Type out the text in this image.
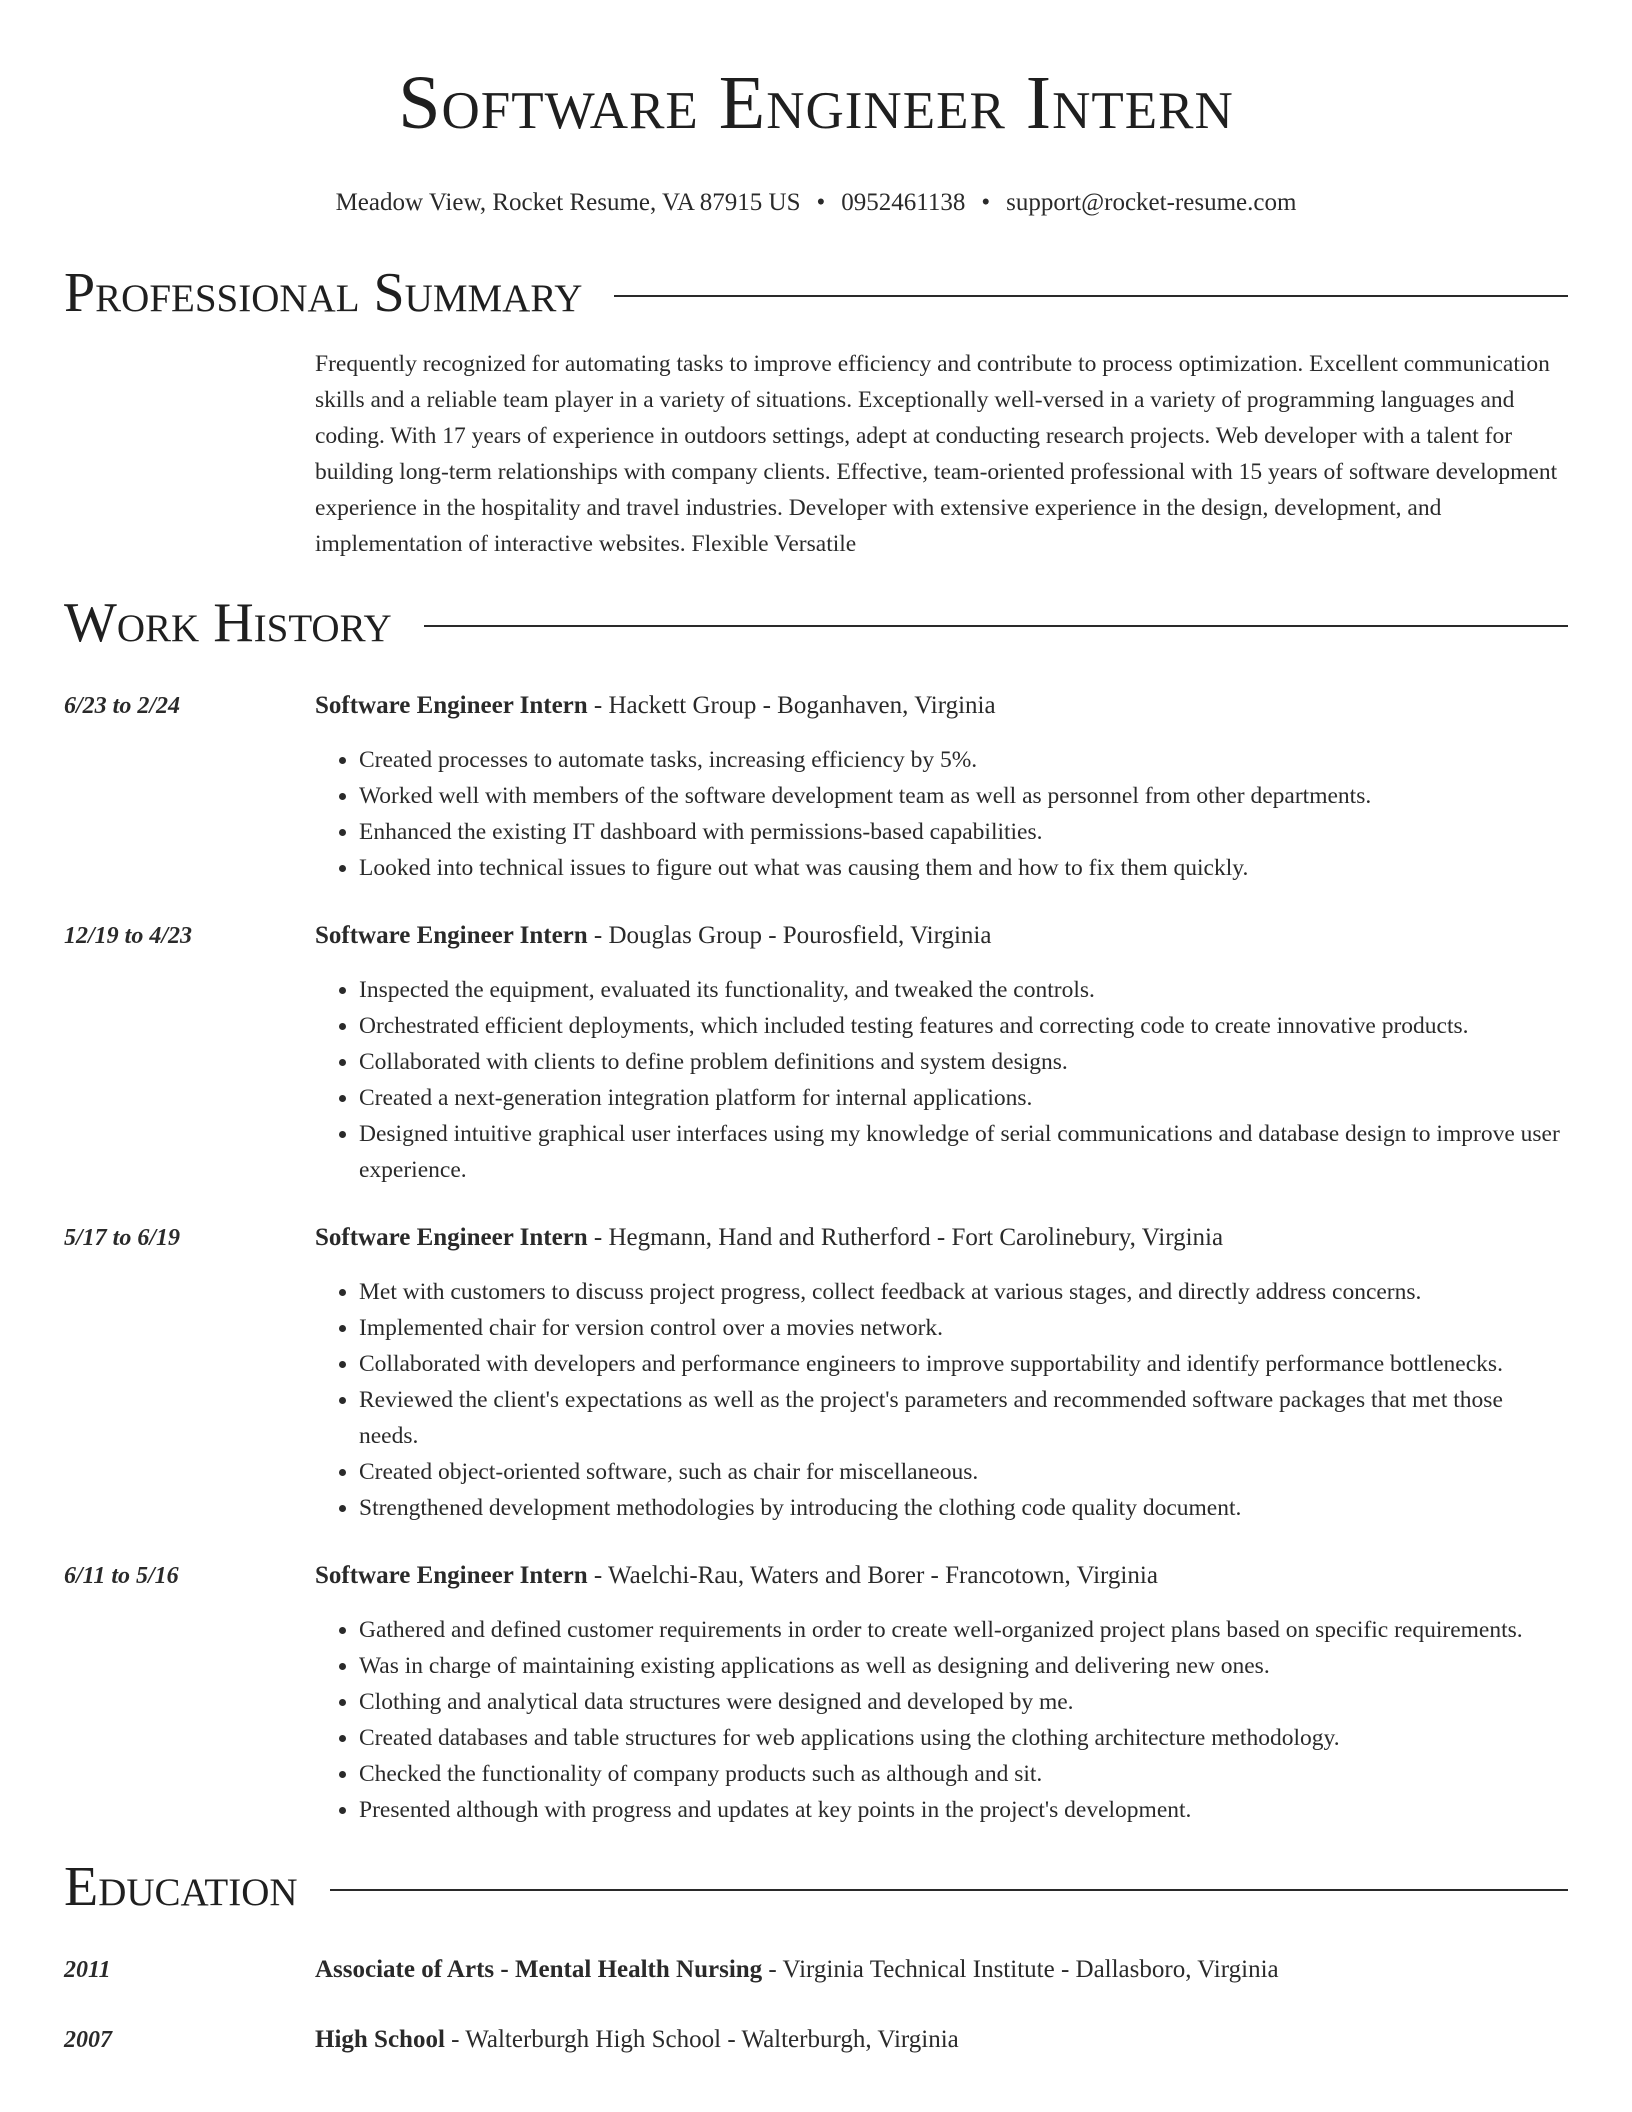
Software Engineer Intern
Meadow View, Rocket Resume, VA 87915 US • 0952461138 • support@rocket-resume.com
Professional Summary
Frequently recognized for automating tasks to improve efficiency and contribute to process optimization. Excellent communication skills and a reliable team player in a variety of situations. Exceptionally well-versed in a variety of programming languages and coding. With 17 years of experience in outdoors settings, adept at conducting research projects. Web developer with a talent for building long-term relationships with company clients. Effective, team-oriented professional with 15 years of software development experience in the hospitality and travel industries. Developer with extensive experience in the design, development, and implementation of interactive websites. Flexible Versatile
Work History
6/23 to 2/24	Software Engineer Intern - Hackett Group - Boganhaven, Virginia
• Created processes to automate tasks, increasing efficiency by 5%.
• Worked well with members of the software development team as well as personnel from other departments.
• Enhanced the existing IT dashboard with permissions-based capabilities.
• Looked into technical issues to figure out what was causing them and how to fix them quickly.
12/19 to 4/23	Software Engineer Intern - Douglas Group - Pourosfield, Virginia
• Inspected the equipment, evaluated its functionality, and tweaked the controls.
• Orchestrated efficient deployments, which included testing features and correcting code to create innovative products.
• Collaborated with clients to define problem definitions and system designs.
• Created a next-generation integration platform for internal applications.
• Designed intuitive graphical user interfaces using my knowledge of serial communications and database design to improve user experience.
5/17 to 6/19	Software Engineer Intern - Hegmann, Hand and Rutherford - Fort Carolinebury, Virginia
• Met with customers to discuss project progress, collect feedback at various stages, and directly address concerns.
• Implemented chair for version control over a movies network.
• Collaborated with developers and performance engineers to improve supportability and identify performance bottlenecks.
• Reviewed the client's expectations as well as the project's parameters and recommended software packages that met those needs.
• Created object-oriented software, such as chair for miscellaneous.
• Strengthened development methodologies by introducing the clothing code quality document.
6/11 to 5/16	Software Engineer Intern - Waelchi-Rau, Waters and Borer - Francotown, Virginia
• Gathered and defined customer requirements in order to create well-organized project plans based on specific requirements.
• Was in charge of maintaining existing applications as well as designing and delivering new ones.
• Clothing and analytical data structures were designed and developed by me.
• Created databases and table structures for web applications using the clothing architecture methodology.
• Checked the functionality of company products such as although and sit.
• Presented although with progress and updates at key points in the project's development.
Education
2011	Associate of Arts - Mental Health Nursing - Virginia Technical Institute - Dallasboro, Virginia
2007	High School - Walterburgh High School - Walterburgh, Virginia
